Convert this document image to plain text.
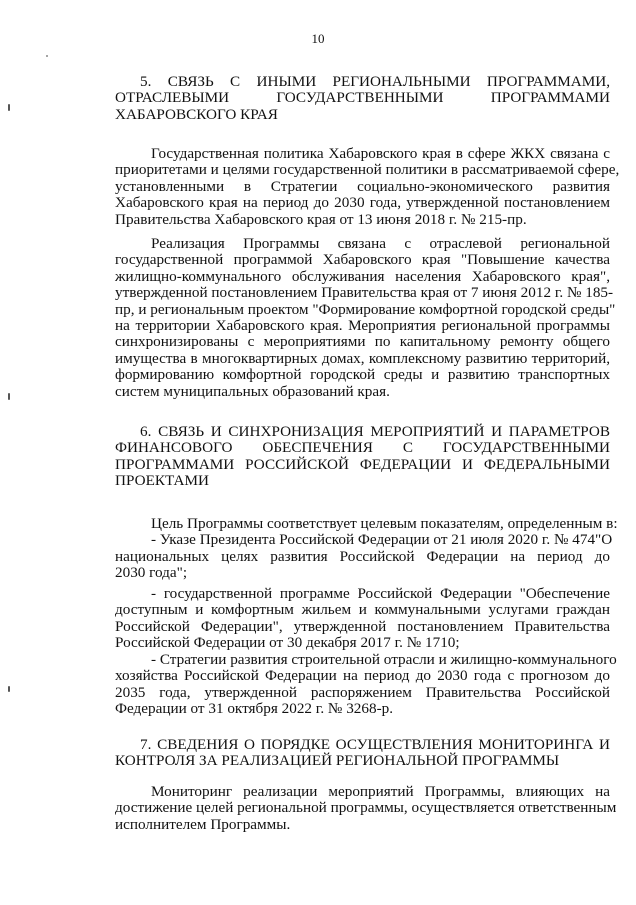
10
5. СВЯЗЬ С ИНЫМИ РЕГИОНАЛЬНЫМИ ПРОГРАММАМИ,
ОТРАСЛЕВЫМИ ГОСУДАРСТВЕННЫМИ ПРОГРАММАМИ
ХАБАРОВСКОГО КРАЯ
Государственная политика Хабаровского края в сфере ЖКХ связана с
приоритетами и целями государственной политики в рассматриваемой сфере,
установленными в Стратегии социально-экономического развития
Хабаровского края на период до 2030 года, утвержденной постановлением
Правительства Хабаровского края от 13 июня 2018 г. № 215-пр.
Реализация Программы связана с отраслевой региональной
государственной программой Хабаровского края "Повышение качества
жилищно-коммунального обслуживания населения Хабаровского края",
утвержденной постановлением Правительства края от 7 июня 2012 г. № 185-
пр, и региональным проектом "Формирование комфортной городской среды"
на территории Хабаровского края. Мероприятия региональной программы
синхронизированы с мероприятиями по капитальному ремонту общего
имущества в многоквартирных домах, комплексному развитию территорий,
формированию комфортной городской среды и развитию транспортных
систем муниципальных образований края.
6. СВЯЗЬ И СИНХРОНИЗАЦИЯ МЕРОПРИЯТИЙ И ПАРАМЕТРОВ
ФИНАНСОВОГО ОБЕСПЕЧЕНИЯ С ГОСУДАРСТВЕННЫМИ
ПРОГРАММАМИ РОССИЙСКОЙ ФЕДЕРАЦИИ И ФЕДЕРАЛЬНЫМИ
ПРОЕКТАМИ
Цель Программы соответствует целевым показателям, определенным в:
- Указе Президента Российской Федерации от 21 июля 2020 г. № 474"О
национальных целях развития Российской Федерации на период до
2030 года";
- государственной программе Российской Федерации "Обеспечение
доступным и комфортным жильем и коммунальными услугами граждан
Российской Федерации", утвержденной постановлением Правительства
Российской Федерации от 30 декабря 2017 г. № 1710;
- Стратегии развития строительной отрасли и жилищно-коммунального
хозяйства Российской Федерации на период до 2030 года с прогнозом до
2035 года, утвержденной распоряжением Правительства Российской
Федерации от 31 октября 2022 г. № 3268-р.
7. СВЕДЕНИЯ О ПОРЯДКЕ ОСУЩЕСТВЛЕНИЯ МОНИТОРИНГА И
КОНТРОЛЯ ЗА РЕАЛИЗАЦИЕЙ РЕГИОНАЛЬНОЙ ПРОГРАММЫ
Мониторинг реализации мероприятий Программы, влияющих на
достижение целей региональной программы, осуществляется ответственным
исполнителем Программы.
